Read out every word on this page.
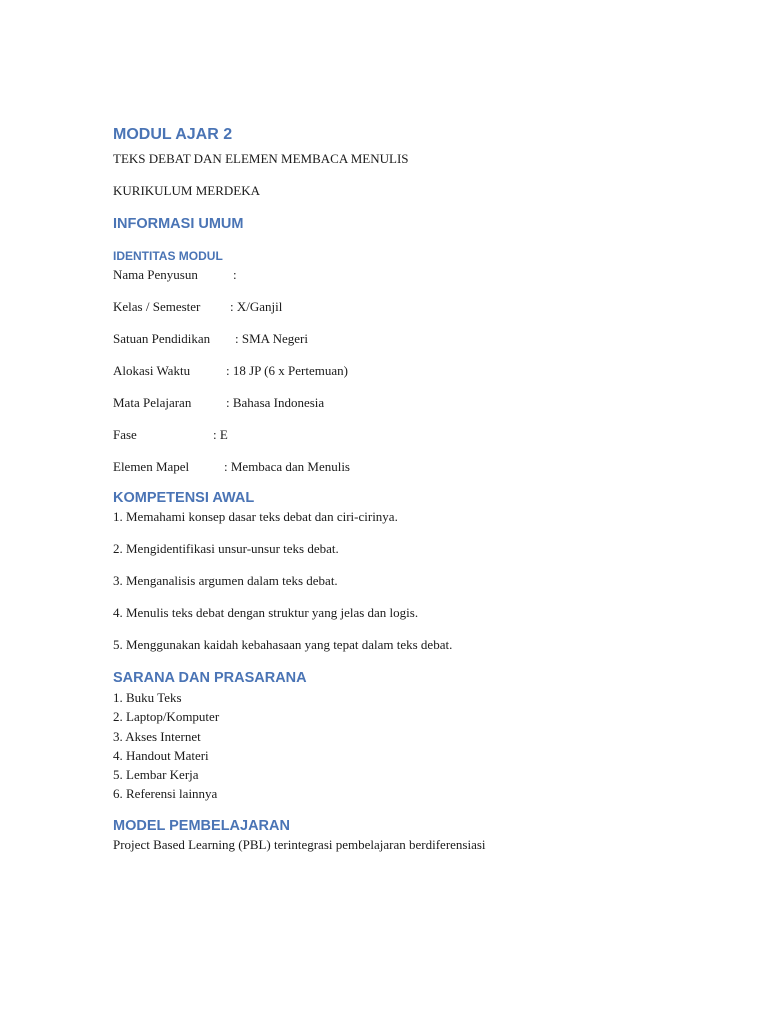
MODUL AJAR 2

TEKS DEBAT DAN ELEMEN MEMBACA MENULIS

KURIKULUM MERDEKA

INFORMASI UMUM
IDENTITAS MODUL
Nama Penyusun	:
Kelas / Semester	: X/Ganjil
Satuan Pendidikan	: SMA Negeri
Alokasi Waktu	: 18 JP (6 x Pertemuan)
Mata Pelajaran	: Bahasa Indonesia
Fase	: E
Elemen Mapel	: Membaca dan Menulis
KOMPETENSI AWAL

1. Memahami konsep dasar teks debat dan ciri-cirinya.

2. Mengidentifikasi unsur-unsur teks debat.

3. Menganalisis argumen dalam teks debat.

4. Menulis teks debat dengan struktur yang jelas dan logis.

5. Menggunakan kaidah kebahasaan yang tepat dalam teks debat.

SARANA DAN PRASARANA

1. Buku Teks

2. Laptop/Komputer

3. Akses Internet

4. Handout Materi

5. Lembar Kerja

6. Referensi lainnya

MODEL PEMBELAJARAN

Project Based Learning (PBL) terintegrasi pembelajaran berdiferensiasi
